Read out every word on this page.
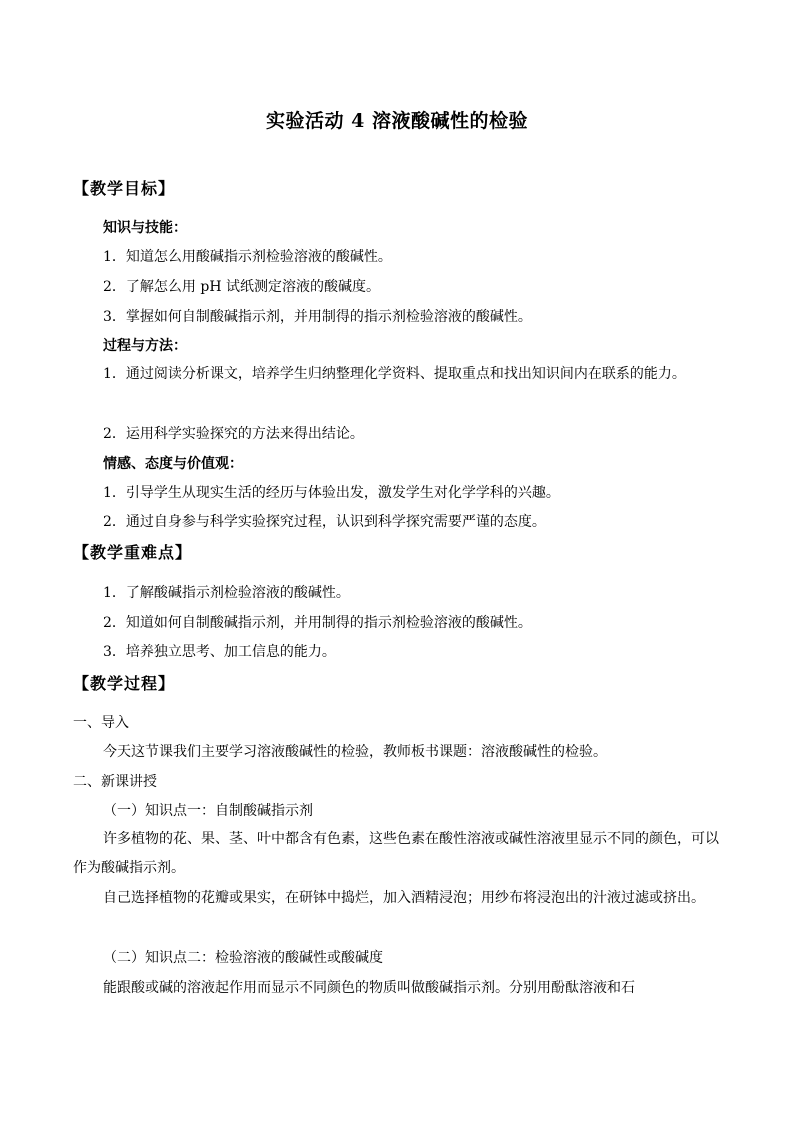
实验活动 4 溶液酸碱性的检验
【教学目标】
知识与技能：
1．知道怎么用酸碱指示剂检验溶液的酸碱性。
2．了解怎么用 pH 试纸测定溶液的酸碱度。
3．掌握如何自制酸碱指示剂，并用制得的指示剂检验溶液的酸碱性。
过程与方法：
1．通过阅读分析课文，培养学生归纳整理化学资料、提取重点和找出知识间内在联系的能力。
2．运用科学实验探究的方法来得出结论。
情感、态度与价值观：
1．引导学生从现实生活的经历与体验出发，激发学生对化学学科的兴趣。
2．通过自身参与科学实验探究过程，认识到科学探究需要严谨的态度。
【教学重难点】
1．了解酸碱指示剂检验溶液的酸碱性。
2．知道如何自制酸碱指示剂，并用制得的指示剂检验溶液的酸碱性。
3．培养独立思考、加工信息的能力。
【教学过程】
一、导入
今天这节课我们主要学习溶液酸碱性的检验，教师板书课题：溶液酸碱性的检验。
二、新课讲授
（一）知识点一：自制酸碱指示剂
许多植物的花、果、茎、叶中都含有色素，这些色素在酸性溶液或碱性溶液里显示不同的颜色，可以作为酸碱指示剂。
自己选择植物的花瓣或果实，在研钵中捣烂，加入酒精浸泡；用纱布将浸泡出的汁液过滤或挤出。
（二）知识点二：检验溶液的酸碱性或酸碱度
能跟酸或碱的溶液起作用而显示不同颜色的物质叫做酸碱指示剂。分别用酚酞溶液和石
